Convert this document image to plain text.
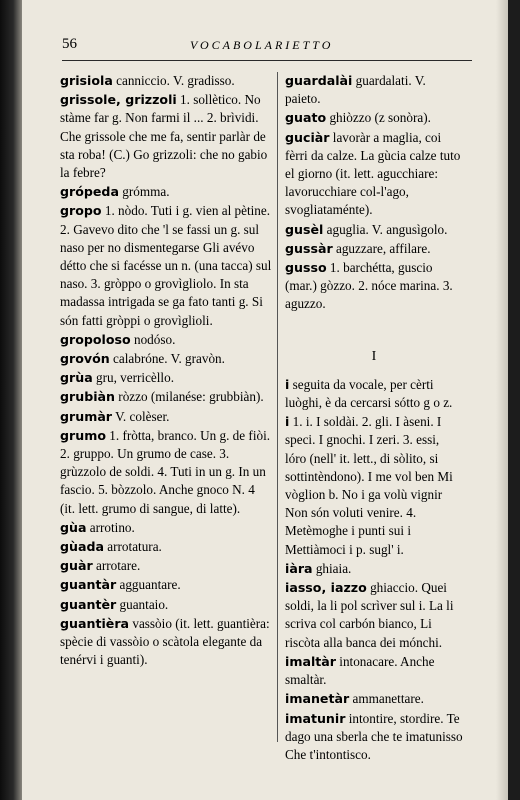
56	VOCABOLARIETTO
grisiola canniccio. V. gradisso.
grissole, grizzoli 1. sollètico. No stàme far g. Non farmi il ... 2. brìvidi. Che grissole che me fa, sentir parlàr de sta roba! (C.) Go grizzoli: che no gabio la febre?
grópeda grómma.
gropo 1. nòdo. Tuti i g. vien al pètine. 2. Gavevo dito che 'l se fassi un g. sul naso per no dismentegarse Gli avévo détto che si facésse un n. (una tacca) sul naso. 3. gròppo o grovìgliolo. In sta madassa intrigada se ga fato tanti g. Si són fatti gròppi o grovìglioli.
gropoloso nodóso.
grovón calabróne. V. gravòn.
grùa gru, verricèllo.
grubiàn ròzzo (milanése: grubbiàn).
grumàr V. colèser.
grumo 1. fròtta, branco. Un g. de fiòi. 2. gruppo. Un grumo de case. 3. grùzzolo de soldi. 4. Tuti in un g. In un fascio. 5. bòzzolo. Anche gnoco N. 4 (it. lett. grumo di sangue, di latte).
gùa arrotino.
gùada arrotatura.
guàr arrotare.
guantàr agguantare.
guantèr guantaio.
guantièra vassòio (it. lett. guantièra: spècie di vassòio o scàtola elegante da tenérvi i guanti).
guardalài guardalati. V. paieto.
guato ghiòzzo (z sonòra).
guciàr lavoràr a maglia, coi fèrri da calze. La gùcia calze tuto el giorno (it. lett. agucchiare: lavorucchiare col-l'ago, svogliataménte).
gusèl aguglia. V. angusìgolo.
gussàr aguzzare, affilare.
gusso 1. barchétta, guscio (mar.) gòzzo. 2. nóce marina. 3. aguzzo.
I
i seguita da vocale, per cèrti luòghi, è da cercarsi sótto g o z.
i 1. i. I soldài. 2. gli. I àseni. I speci. I gnochi. I zeri. 3. essi, lóro (nell' it. lett., di sòlito, si sottintèndono). I me vol ben Mi vòglion b. No i ga volù vignir Non són voluti venire. 4. Metèmoghe i punti sui i Mettiàmoci i p. sugl' i.
iàra ghiaia.
iasso, iazzo ghiaccio. Quei soldi, la li pol scrìver sul i. La li scriva col carbón bianco, Li riscòta alla banca dei mónchi.
imaltàr intonacare. Anche smaltàr.
imanetàr ammanettare.
imatunir intontire, stordire. Te dago una sberla che te imatunisso Che t'intontisco.
